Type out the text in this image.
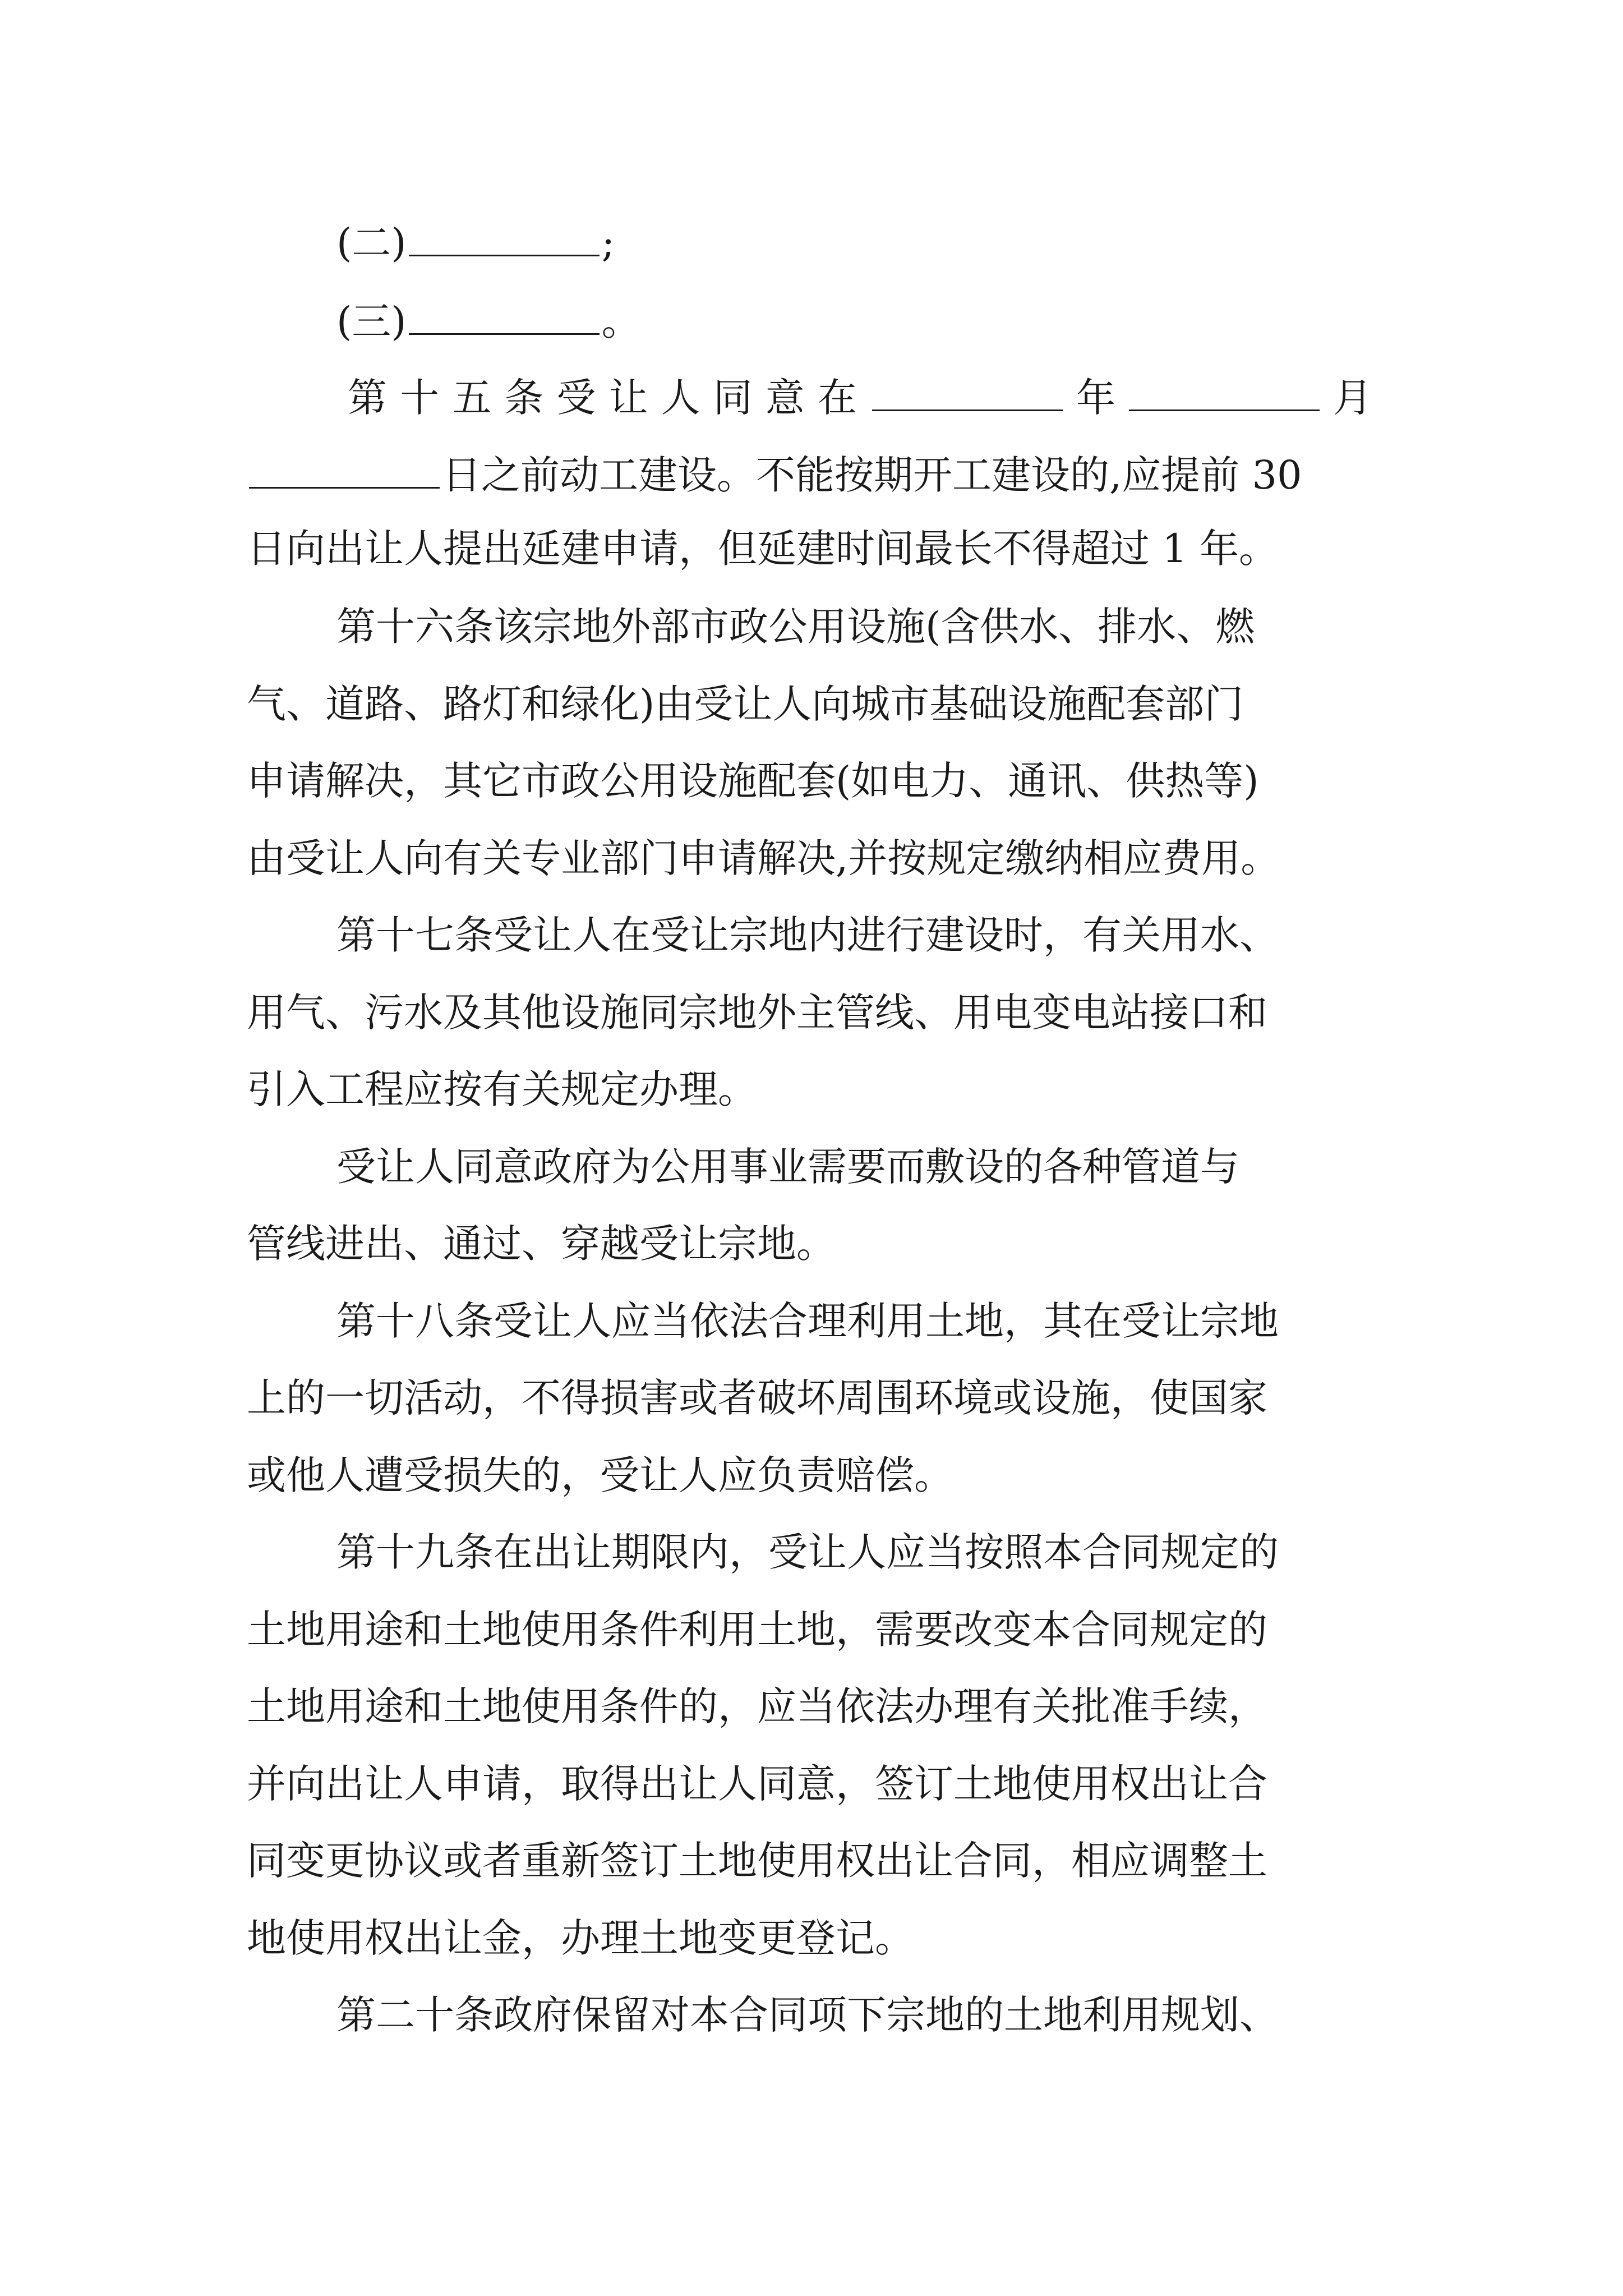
(二)	;
(三)	。
第十五条受让人同意在	年	月
日之前动工建设。不能按期开工建设的,应提前 30
日向出让人提出延建申请，但延建时间最长不得超过 1 年。
第十六条该宗地外部市政公用设施(含供水、排水、燃
气、道路、路灯和绿化)由受让人向城市基础设施配套部门
申请解决，其它市政公用设施配套(如电力、通讯、供热等)
由受让人向有关专业部门申请解决,并按规定缴纳相应费用。
第十七条受让人在受让宗地内进行建设时，有关用水、
用气、污水及其他设施同宗地外主管线、用电变电站接口和
引入工程应按有关规定办理。
受让人同意政府为公用事业需要而敷设的各种管道与
管线进出、通过、穿越受让宗地。
第十八条受让人应当依法合理利用土地，其在受让宗地
上的一切活动，不得损害或者破坏周围环境或设施，使国家
或他人遭受损失的，受让人应负责赔偿。
第十九条在出让期限内，受让人应当按照本合同规定的
土地用途和土地使用条件利用土地，需要改变本合同规定的
土地用途和土地使用条件的，应当依法办理有关批准手续，
并向出让人申请，取得出让人同意，签订土地使用权出让合
同变更协议或者重新签订土地使用权出让合同，相应调整土
地使用权出让金，办理土地变更登记。
第二十条政府保留对本合同项下宗地的土地利用规划、
